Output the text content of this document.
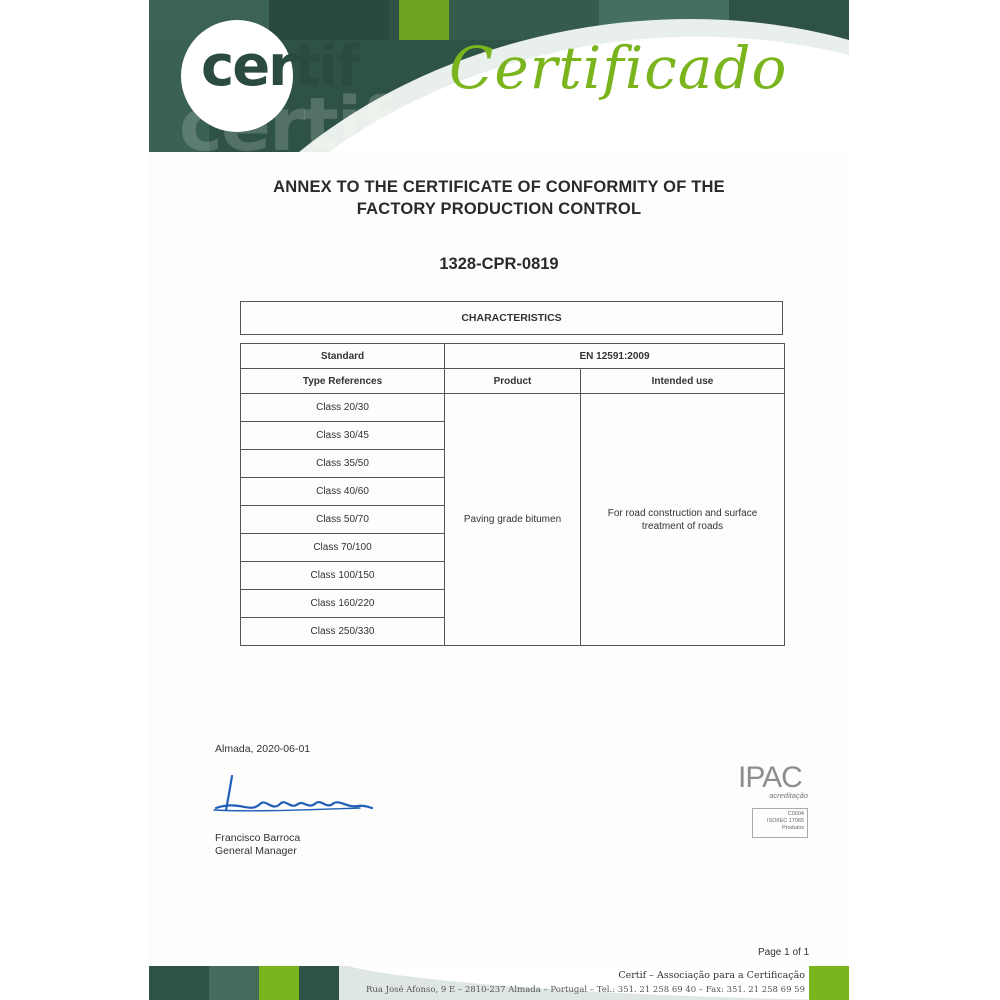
certif
certif Certificado
ANNEX TO THE CERTIFICATE OF CONFORMITY OF THE
FACTORY PRODUCTION CONTROL
1328-CPR-0819
CHARACTERISTICS
Standard	EN 12591:2009	
Type References	Product	Intended use
Class 20/30	Paving grade bitumen	For road construction and surface
treatment of roads
Class 30/45		
Class 35/50		
Class 40/60		
Class 50/70		
Class 70/100		
Class 100/150		
Class 160/220		
Class 250/330		
Almada, 2020-06-01
Francisco Barroca
General Manager
IPAC
acreditação
C0004
ISO/IEC 17065
Produtos
Page 1 of 1
Certif – Associação para a Certificação
Rua José Afonso, 9 E – 2810-237 Almada – Portugal – Tel.: 351. 21 258 69 40 – Fax: 351. 21 258 69 59
